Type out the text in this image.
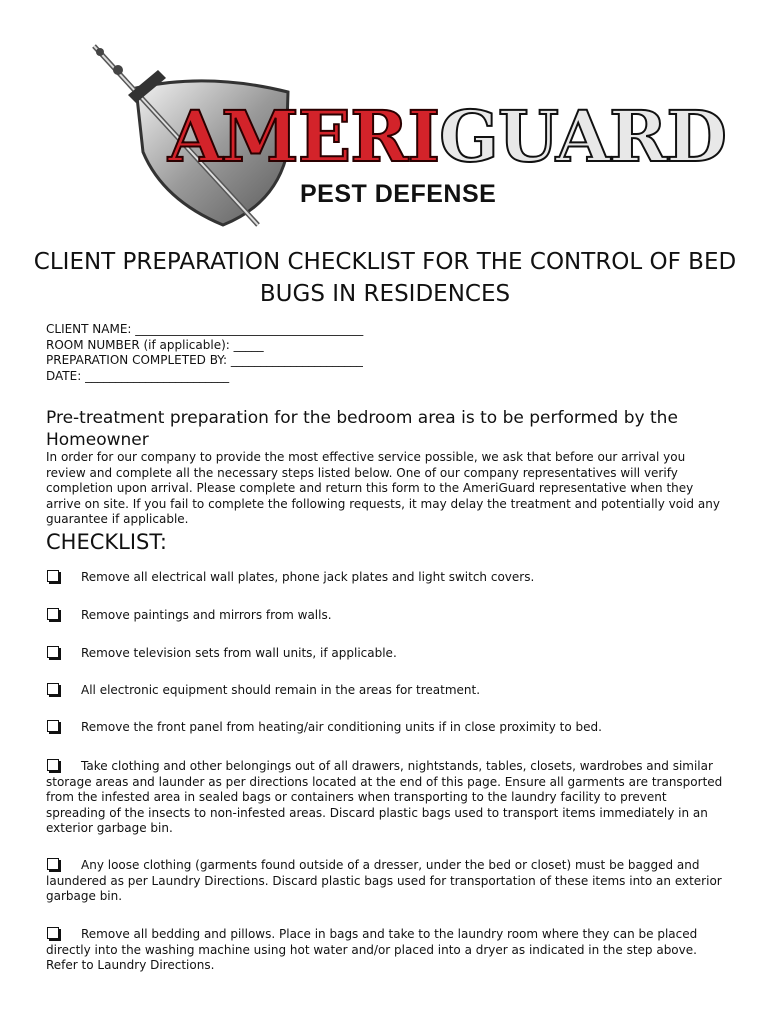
AMERIGUARD
PEST DEFENSE
CLIENT PREPARATION CHECKLIST FOR THE CONTROL OF BED BUGS IN RESIDENCES
CLIENT NAME: ______________________________________
ROOM NUMBER (if applicable): _____
PREPARATION COMPLETED BY: ______________________
DATE: ________________________
Pre-treatment preparation for the bedroom area is to be performed by the Homeowner
In order for our company to provide the most effective service possible, we ask that before our arrival you review and complete all the necessary steps listed below. One of our company representatives will verify completion upon arrival. Please complete and return this form to the AmeriGuard representative when they arrive on site. If you fail to complete the following requests, it may delay the treatment and potentially void any guarantee if applicable.
CHECKLIST:
Remove all electrical wall plates, phone jack plates and light switch covers.
Remove paintings and mirrors from walls.
Remove television sets from wall units, if applicable.
All electronic equipment should remain in the areas for treatment.
Remove the front panel from heating/air conditioning units if in close proximity to bed.
Take clothing and other belongings out of all drawers, nightstands, tables, closets, wardrobes and similar storage areas and launder as per directions located at the end of this page. Ensure all garments are transported from the infested area in sealed bags or containers when transporting to the laundry facility to prevent spreading of the insects to non-infested areas. Discard plastic bags used to transport items immediately in an exterior garbage bin.
Any loose clothing (garments found outside of a dresser, under the bed or closet) must be bagged and laundered as per Laundry Directions. Discard plastic bags used for transportation of these items into an exterior garbage bin.
Remove all bedding and pillows. Place in bags and take to the laundry room where they can be placed directly into the washing machine using hot water and/or placed into a dryer as indicated in the step above. Refer to Laundry Directions.
